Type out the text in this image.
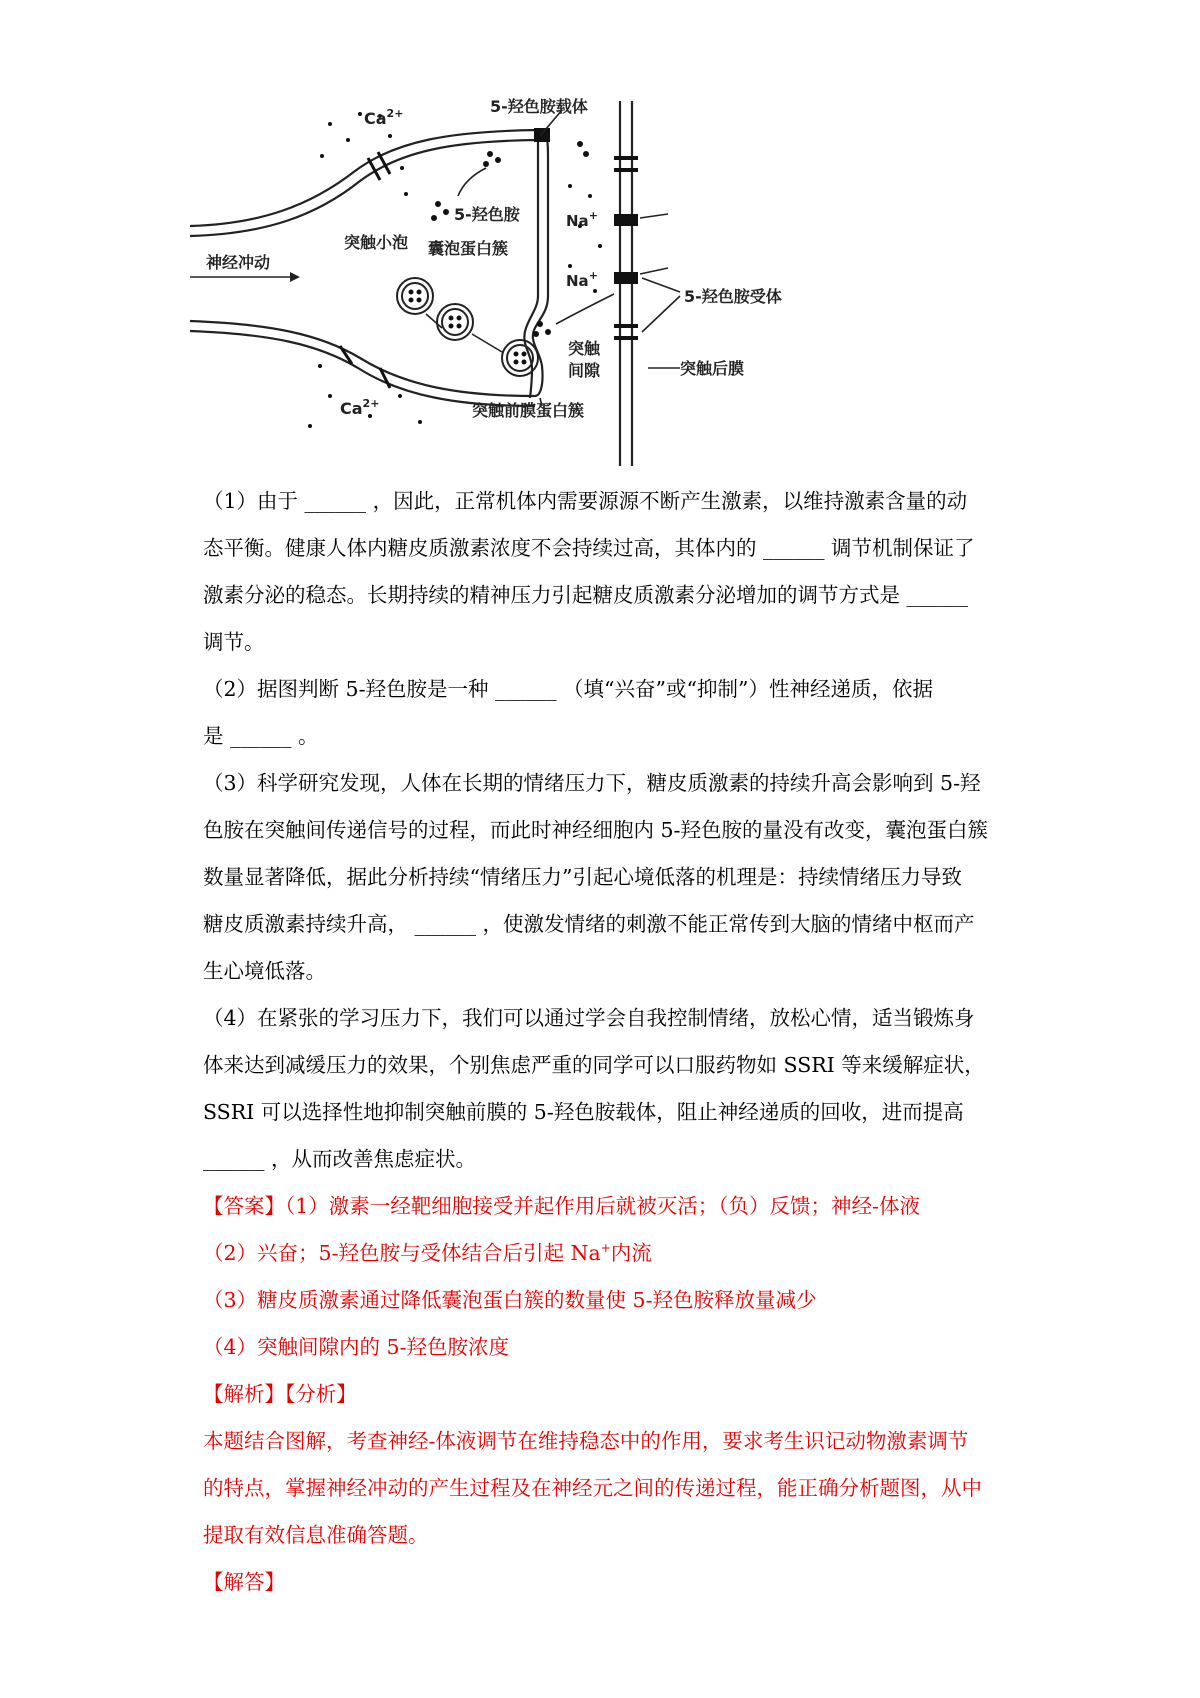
$Ca^{2+}$	5-羟色胺载体
5-羟色胺
突触小泡 囊泡蛋白簇
神经冲动
Na+
Na+
5-羟色胺受体
突触
间隙	突触后膜
突触前膜蛋白簇
$Ca^{2+}$

（1）由于 ______ ，因此，正常机体内需要源源不断产生激素，以维持激素含量的动
态平衡。健康人体内糖皮质激素浓度不会持续过高，其体内的 ______ 调节机制保证了
激素分泌的稳态。长期持续的精神压力引起糖皮质激素分泌增加的调节方式是 ______
调节。

（2）据图判断 5-羟色胺是一种 ______ （填“兴奋”或“抑制”）性神经递质，依据
是 ______ 。

（3）科学研究发现，人体在长期的情绪压力下，糖皮质激素的持续升高会影响到 5-羟
色胺在突触间传递信号的过程，而此时神经细胞内 5-羟色胺的量没有改变，囊泡蛋白簇
数量显著降低，据此分析持续“情绪压力”引起心境低落的机理是：持续情绪压力导致
糖皮质激素持续升高， ______ ，使激发情绪的刺激不能正常传到大脑的情绪中枢而产
生心境低落。

（4）在紧张的学习压力下，我们可以通过学会自我控制情绪，放松心情，适当锻炼身
体来达到减缓压力的效果，个别焦虑严重的同学可以口服药物如 SSRI 等来缓解症状，
SSRI 可以选择性地抑制突触前膜的 5-羟色胺载体，阻止神经递质的回收，进而提高
______ ，从而改善焦虑症状。

【答案】（1）激素一经靶细胞接受并起作用后就被灭活；（负）反馈；神经-体液
（2）兴奋；5-羟色胺与受体结合后引起 Na+内流
（3）糖皮质激素通过降低囊泡蛋白簇的数量使 5-羟色胺释放量减少
（4）突触间隙内的 5-羟色胺浓度

【解析】【分析】
本题结合图解，考查神经-体液调节在维持稳态中的作用，要求考生识记动物激素调节
的特点，掌握神经冲动的产生过程及在神经元之间的传递过程，能正确分析题图，从中
提取有效信息准确答题。
【解答】
